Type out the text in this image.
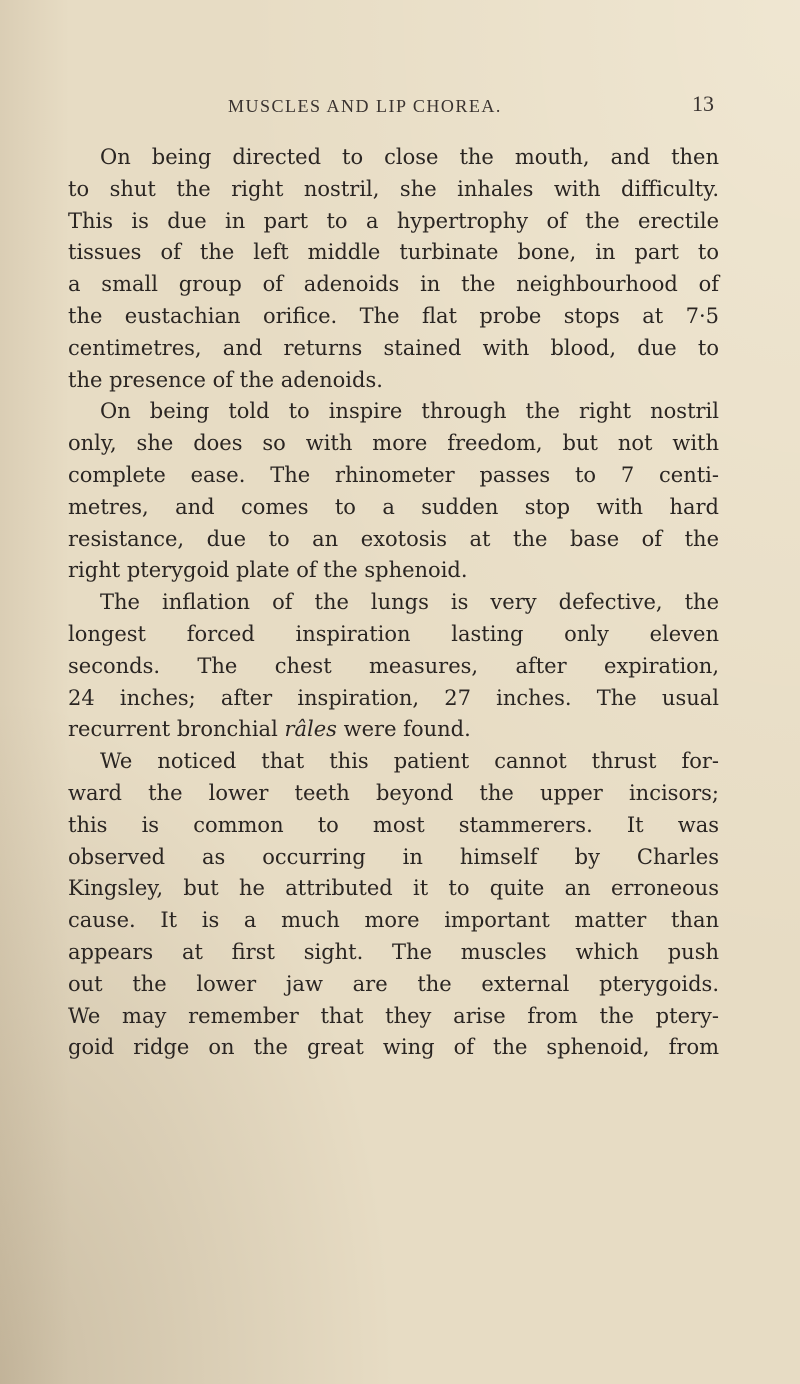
MUSCLES AND LIP CHOREA.	13
On being directed to close the mouth, and then
to shut the right nostril, she inhales with difficulty.
This is due in part to a hypertrophy of the erectile
tissues of the left middle turbinate bone, in part to
a small group of adenoids in the neighbourhood of
the eustachian orifice. The flat probe stops at 7·5
centimetres, and returns stained with blood, due to
the presence of the adenoids.
On being told to inspire through the right nostril
only, she does so with more freedom, but not with
complete ease. The rhinometer passes to 7 centi-
metres, and comes to a sudden stop with hard
resistance, due to an exotosis at the base of the
right pterygoid plate of the sphenoid.
The inflation of the lungs is very defective, the
longest forced inspiration lasting only eleven
seconds. The chest measures, after expiration,
24 inches; after inspiration, 27 inches. The usual
recurrent bronchial râles were found.
We noticed that this patient cannot thrust for-
ward the lower teeth beyond the upper incisors;
this is common to most stammerers. It was
observed as occurring in himself by Charles
Kingsley, but he attributed it to quite an erroneous
cause. It is a much more important matter than
appears at first sight. The muscles which push
out the lower jaw are the external pterygoids.
We may remember that they arise from the ptery-
goid ridge on the great wing of the sphenoid, from
